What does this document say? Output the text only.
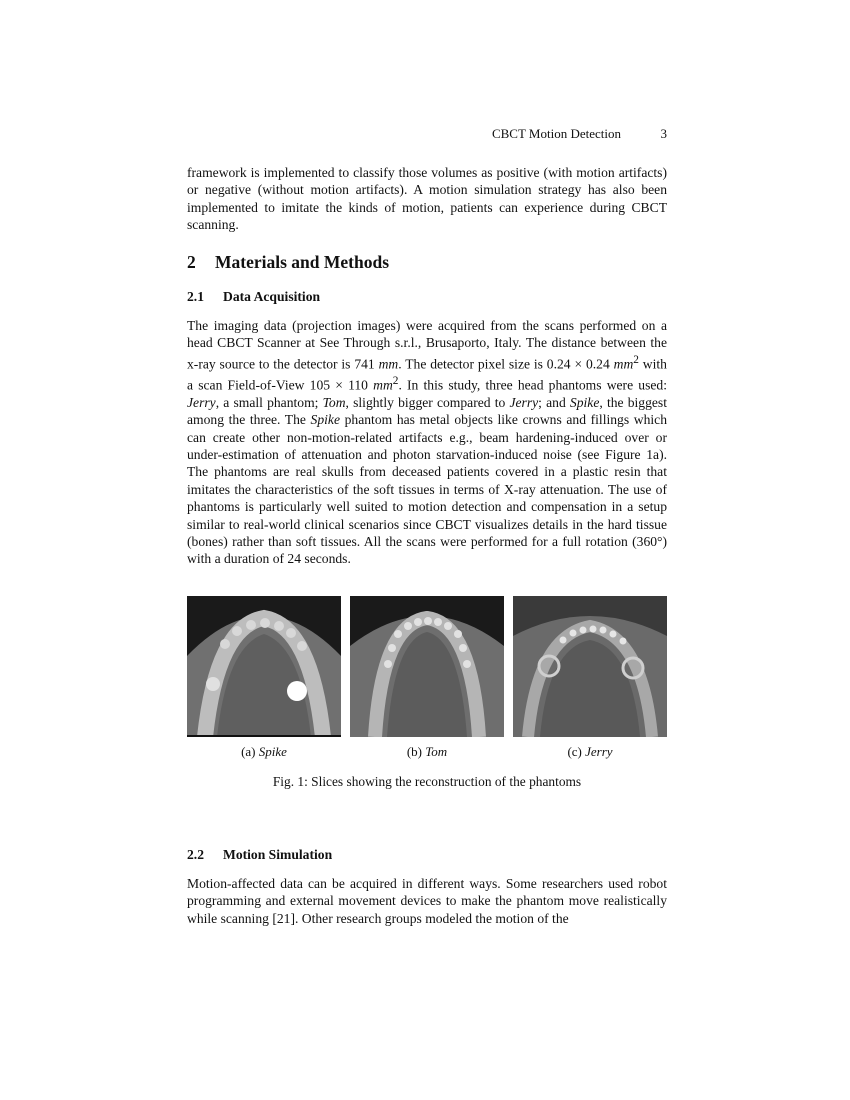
CBCT Motion Detection	3

framework is implemented to classify those volumes as positive (with motion artifacts) or negative (without motion artifacts). A motion simulation strategy has also been implemented to imitate the kinds of motion, patients can experience during CBCT scanning.

2 Materials and Methods
2.1 Data Acquisition

The imaging data (projection images) were acquired from the scans performed on a head CBCT Scanner at See Through s.r.l., Brusaporto, Italy. The distance between the x-ray source to the detector is 741 mm. The detector pixel size is 0.24 × 0.24 $mm^2$ with a scan Field-of-View 105 × 110 $mm^2$. In this study, three head phantoms were used: Jerry, a small phantom; Tom, slightly bigger compared to Jerry; and Spike, the biggest among the three. The Spike phantom has metal objects like crowns and fillings which can create other non-motion-related artifacts e.g., beam hardening-induced over or under-estimation of attenuation and photon starvation-induced noise (see Figure 1a). The phantoms are real skulls from deceased patients covered in a plastic resin that imitates the characteristics of the soft tissues in terms of X-ray attenuation. The use of phantoms is particularly well suited to motion detection and compensation in a setup similar to real-world clinical scenarios since CBCT visualizes details in the hard tissue (bones) rather than soft tissues. All the scans were performed for a full rotation (360°) with a duration of 24 seconds.

(a) Spike	(b) Tom	(c) Jerry
Fig. 1: Slices showing the reconstruction of the phantoms
2.2 Motion Simulation

Motion-affected data can be acquired in different ways. Some researchers used robot programming and external movement devices to make the phantom move realistically while scanning [21]. Other research groups modeled the motion of the
